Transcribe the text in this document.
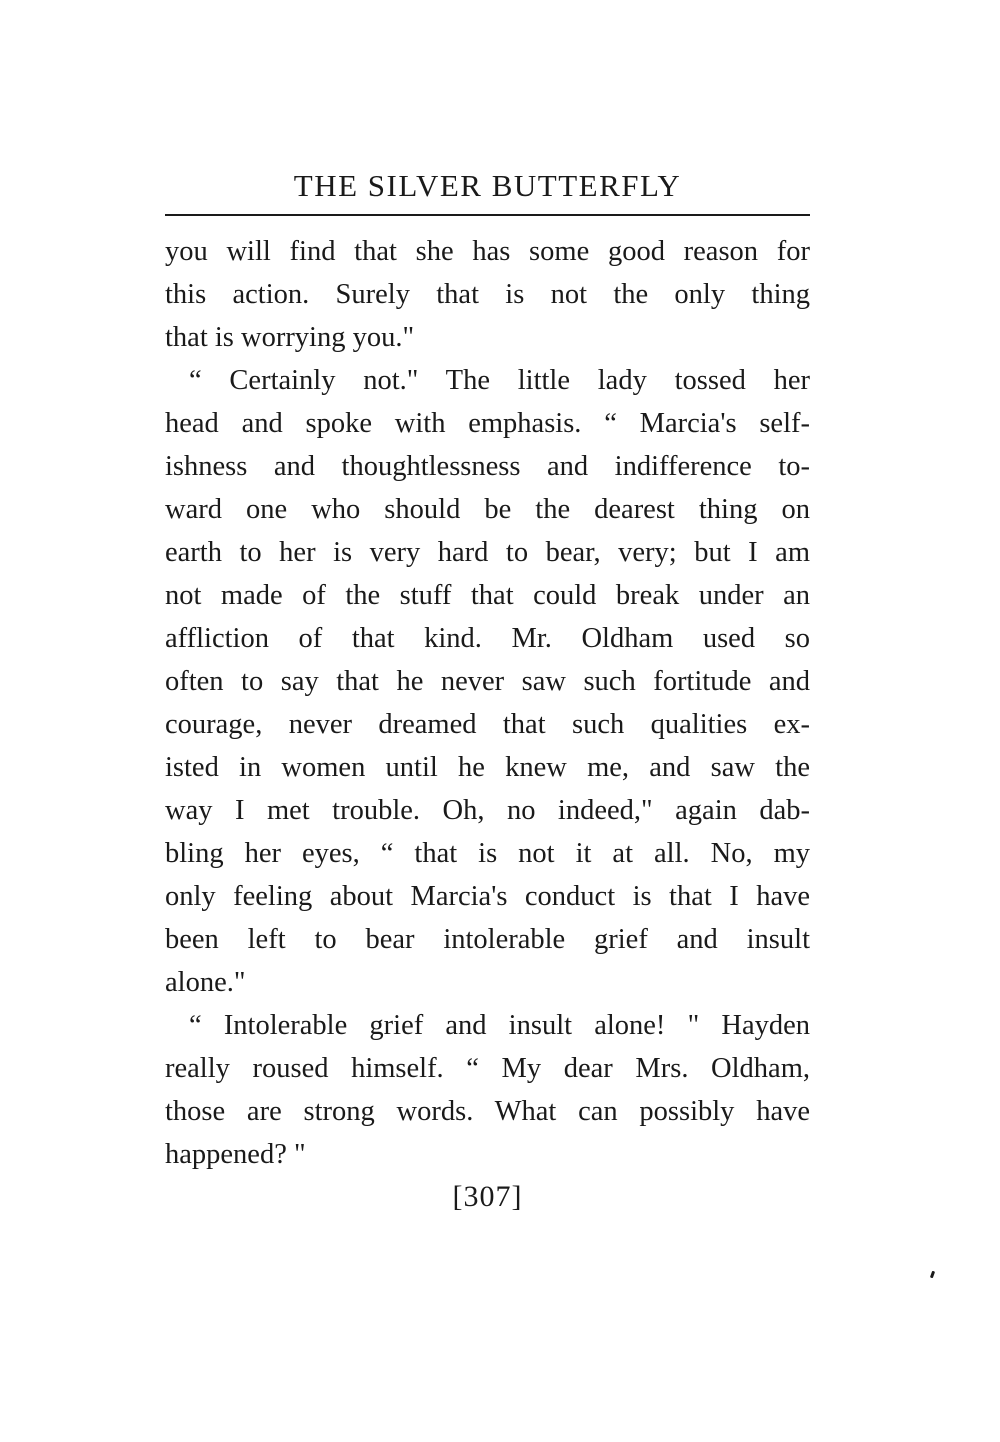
THE SILVER BUTTERFLY
you will find that she has some good reason for
this action. Surely that is not the only thing
that is worrying you."
“ Certainly not." The little lady tossed her
head and spoke with emphasis. “ Marcia's self-
ishness and thoughtlessness and indifference to-
ward one who should be the dearest thing on
earth to her is very hard to bear, very; but I am
not made of the stuff that could break under an
affliction of that kind. Mr. Oldham used so
often to say that he never saw such fortitude and
courage, never dreamed that such qualities ex-
isted in women until he knew me, and saw the
way I met trouble. Oh, no indeed," again dab-
bling her eyes, “ that is not it at all. No, my
only feeling about Marcia's conduct is that I have
been left to bear intolerable grief and insult
alone."
“ Intolerable grief and insult alone! " Hayden
really roused himself. “ My dear Mrs. Oldham,
those are strong words. What can possibly have
happened? "
[307]
